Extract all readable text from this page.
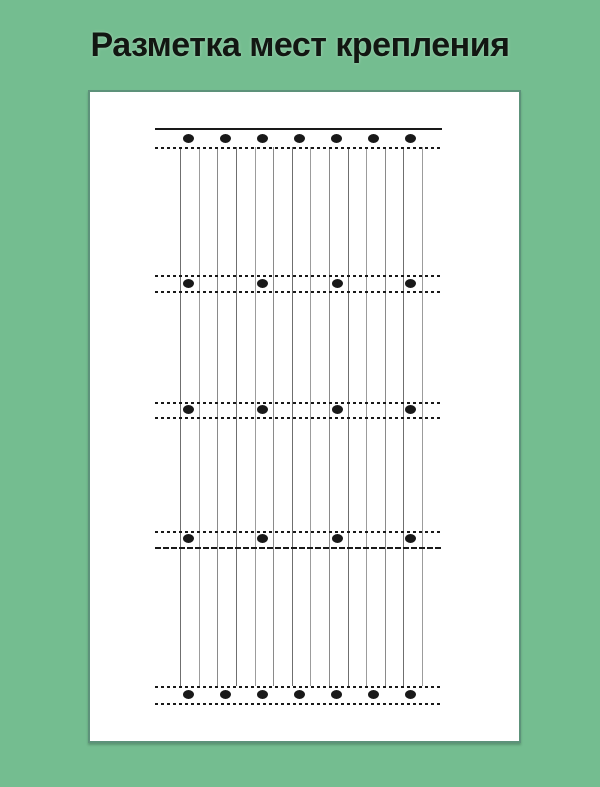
Разметка мест крепления
